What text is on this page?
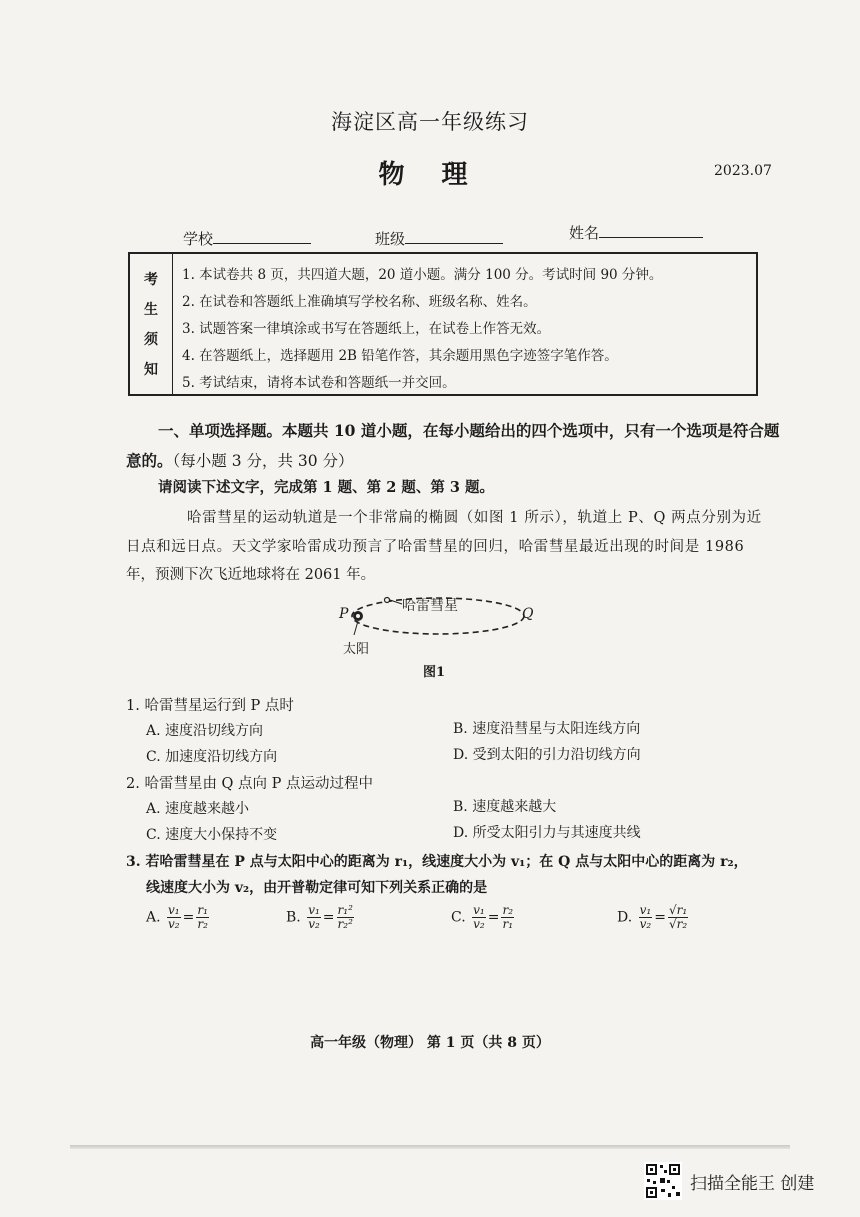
海淀区高一年级练习
物 理	2023.07
学校	班级	姓名
考
生
须
知
1. 本试卷共 8 页，共四道大题，20 道小题。满分 100 分。考试时间 90 分钟。
2. 在试卷和答题纸上准确填写学校名称、班级名称、姓名。
3. 试题答案一律填涂或书写在答题纸上，在试卷上作答无效。
4. 在答题纸上，选择题用 2B 铅笔作答，其余题用黑色字迹签字笔作答。
5. 考试结束，请将本试卷和答题纸一并交回。
一、单项选择题。本题共 10 道小题，在每小题给出的四个选项中，只有一个选项是符合题
意的。（每小题 3 分，共 30 分）
请阅读下述文字，完成第 1 题、第 2 题、第 3 题。
哈雷彗星的运动轨道是一个非常扁的椭圆（如图 1 所示），轨道上 P、Q 两点分别为近
日点和远日点。天文学家哈雷成功预言了哈雷彗星的回归，哈雷彗星最近出现的时间是 1986
年，预测下次飞近地球将在 2061 年。
哈雷彗星
P	Q
太阳
图1
1. 哈雷彗星运行到 P 点时
A. 速度沿切线方向	B. 速度沿彗星与太阳连线方向
C. 加速度沿切线方向	D. 受到太阳的引力沿切线方向
2. 哈雷彗星由 Q 点向 P 点运动过程中
A. 速度越来越小	B. 速度越来越大
C. 速度大小保持不变	D. 所受太阳引力与其速度共线
3. 若哈雷彗星在 P 点与太阳中心的距离为 r₁，线速度大小为 v₁；在 Q 点与太阳中心的距离为 r₂，
线速度大小为 v₂，由开普勒定律可知下列关系正确的是
A. $\frac{\text{v₁}}{\text{v₂}} = \frac{\text{r₁}}{\text{r₂}}$	B. $\frac{\text{v₁}}{\text{v₂}} = \frac{\text{r₁²}}{\text{r₂²}}$	C. $\frac{\text{v₁}}{\text{v₂}} = \frac{\text{r₂}}{\text{r₁}}$	D. $\frac{\text{v₁}}{\text{v₂}} = \frac{\text{√r₁}}{\text{√r₂}}$
高一年级（物理） 第 1 页（共 8 页）
扫描全能王 创建
